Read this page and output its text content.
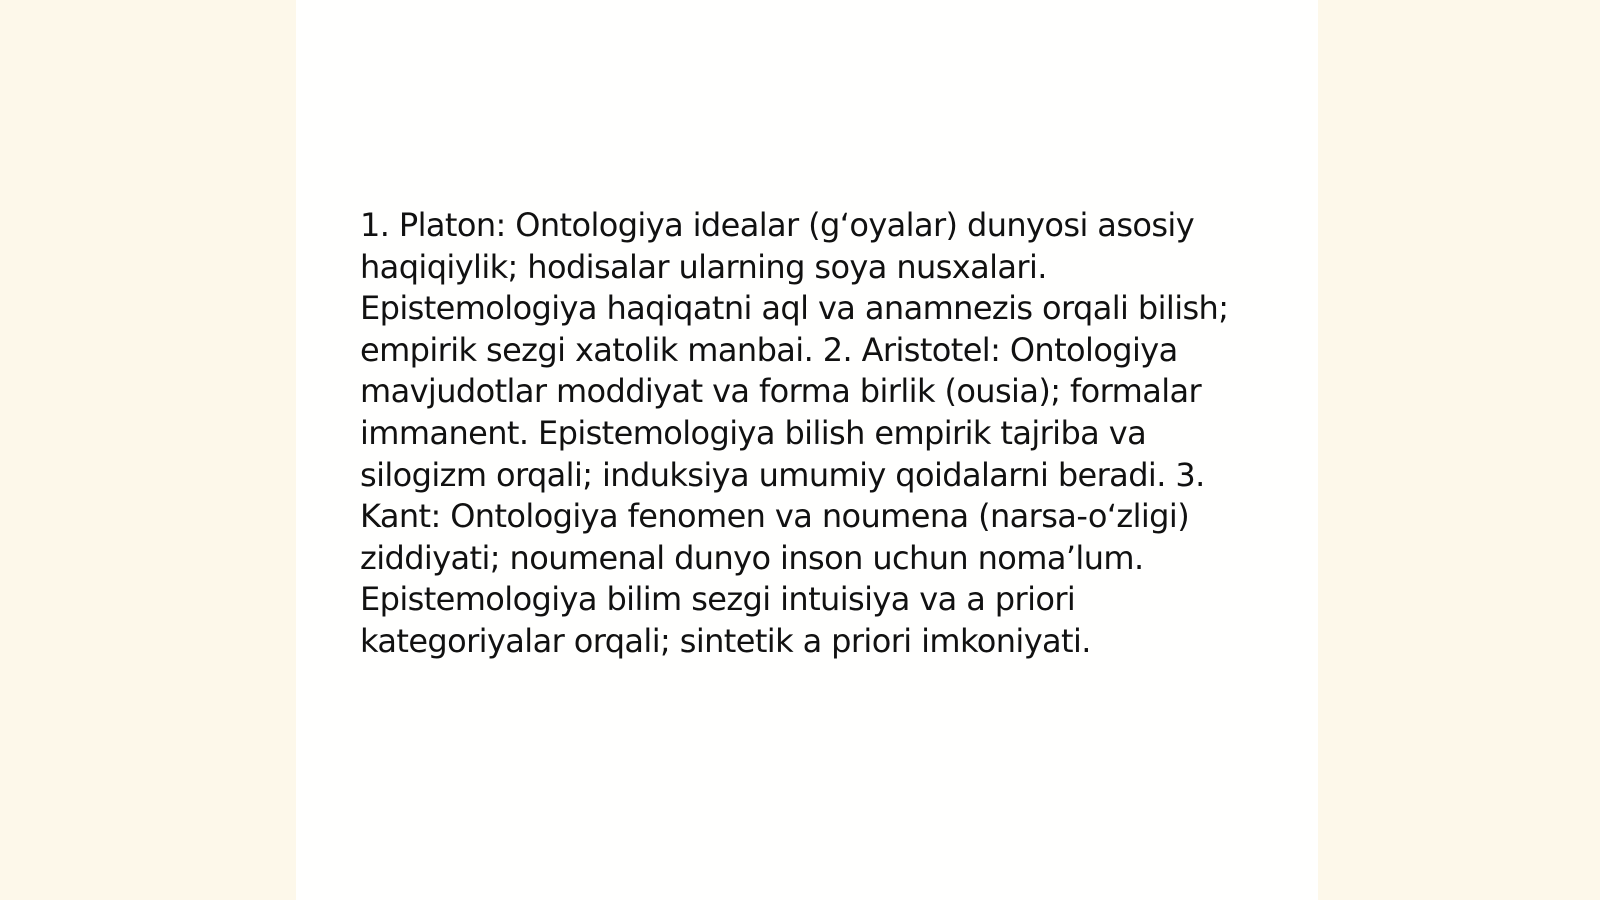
1. Platon: Ontologiya idealar (g‘oyalar) dunyosi asosiy haqiqiylik; hodisalar ularning soya nusxalari. Epistemologiya haqiqatni aql va anamnezis orqali bilish; empirik sezgi xatolik manbai. 2. Aristotel: Ontologiya mavjudotlar moddiyat va forma birlik (ousia); formalar immanent. Epistemologiya bilish empirik tajriba va silogizm orqali; induksiya umumiy qoidalarni beradi. 3. Kant: Ontologiya fenomen va noumena (narsa-o‘zligi) ziddiyati; noumenal dunyo inson uchun noma’lum. Epistemologiya bilim sezgi intuisiya va a priori kategoriyalar orqali; sintetik a priori imkoniyati.
